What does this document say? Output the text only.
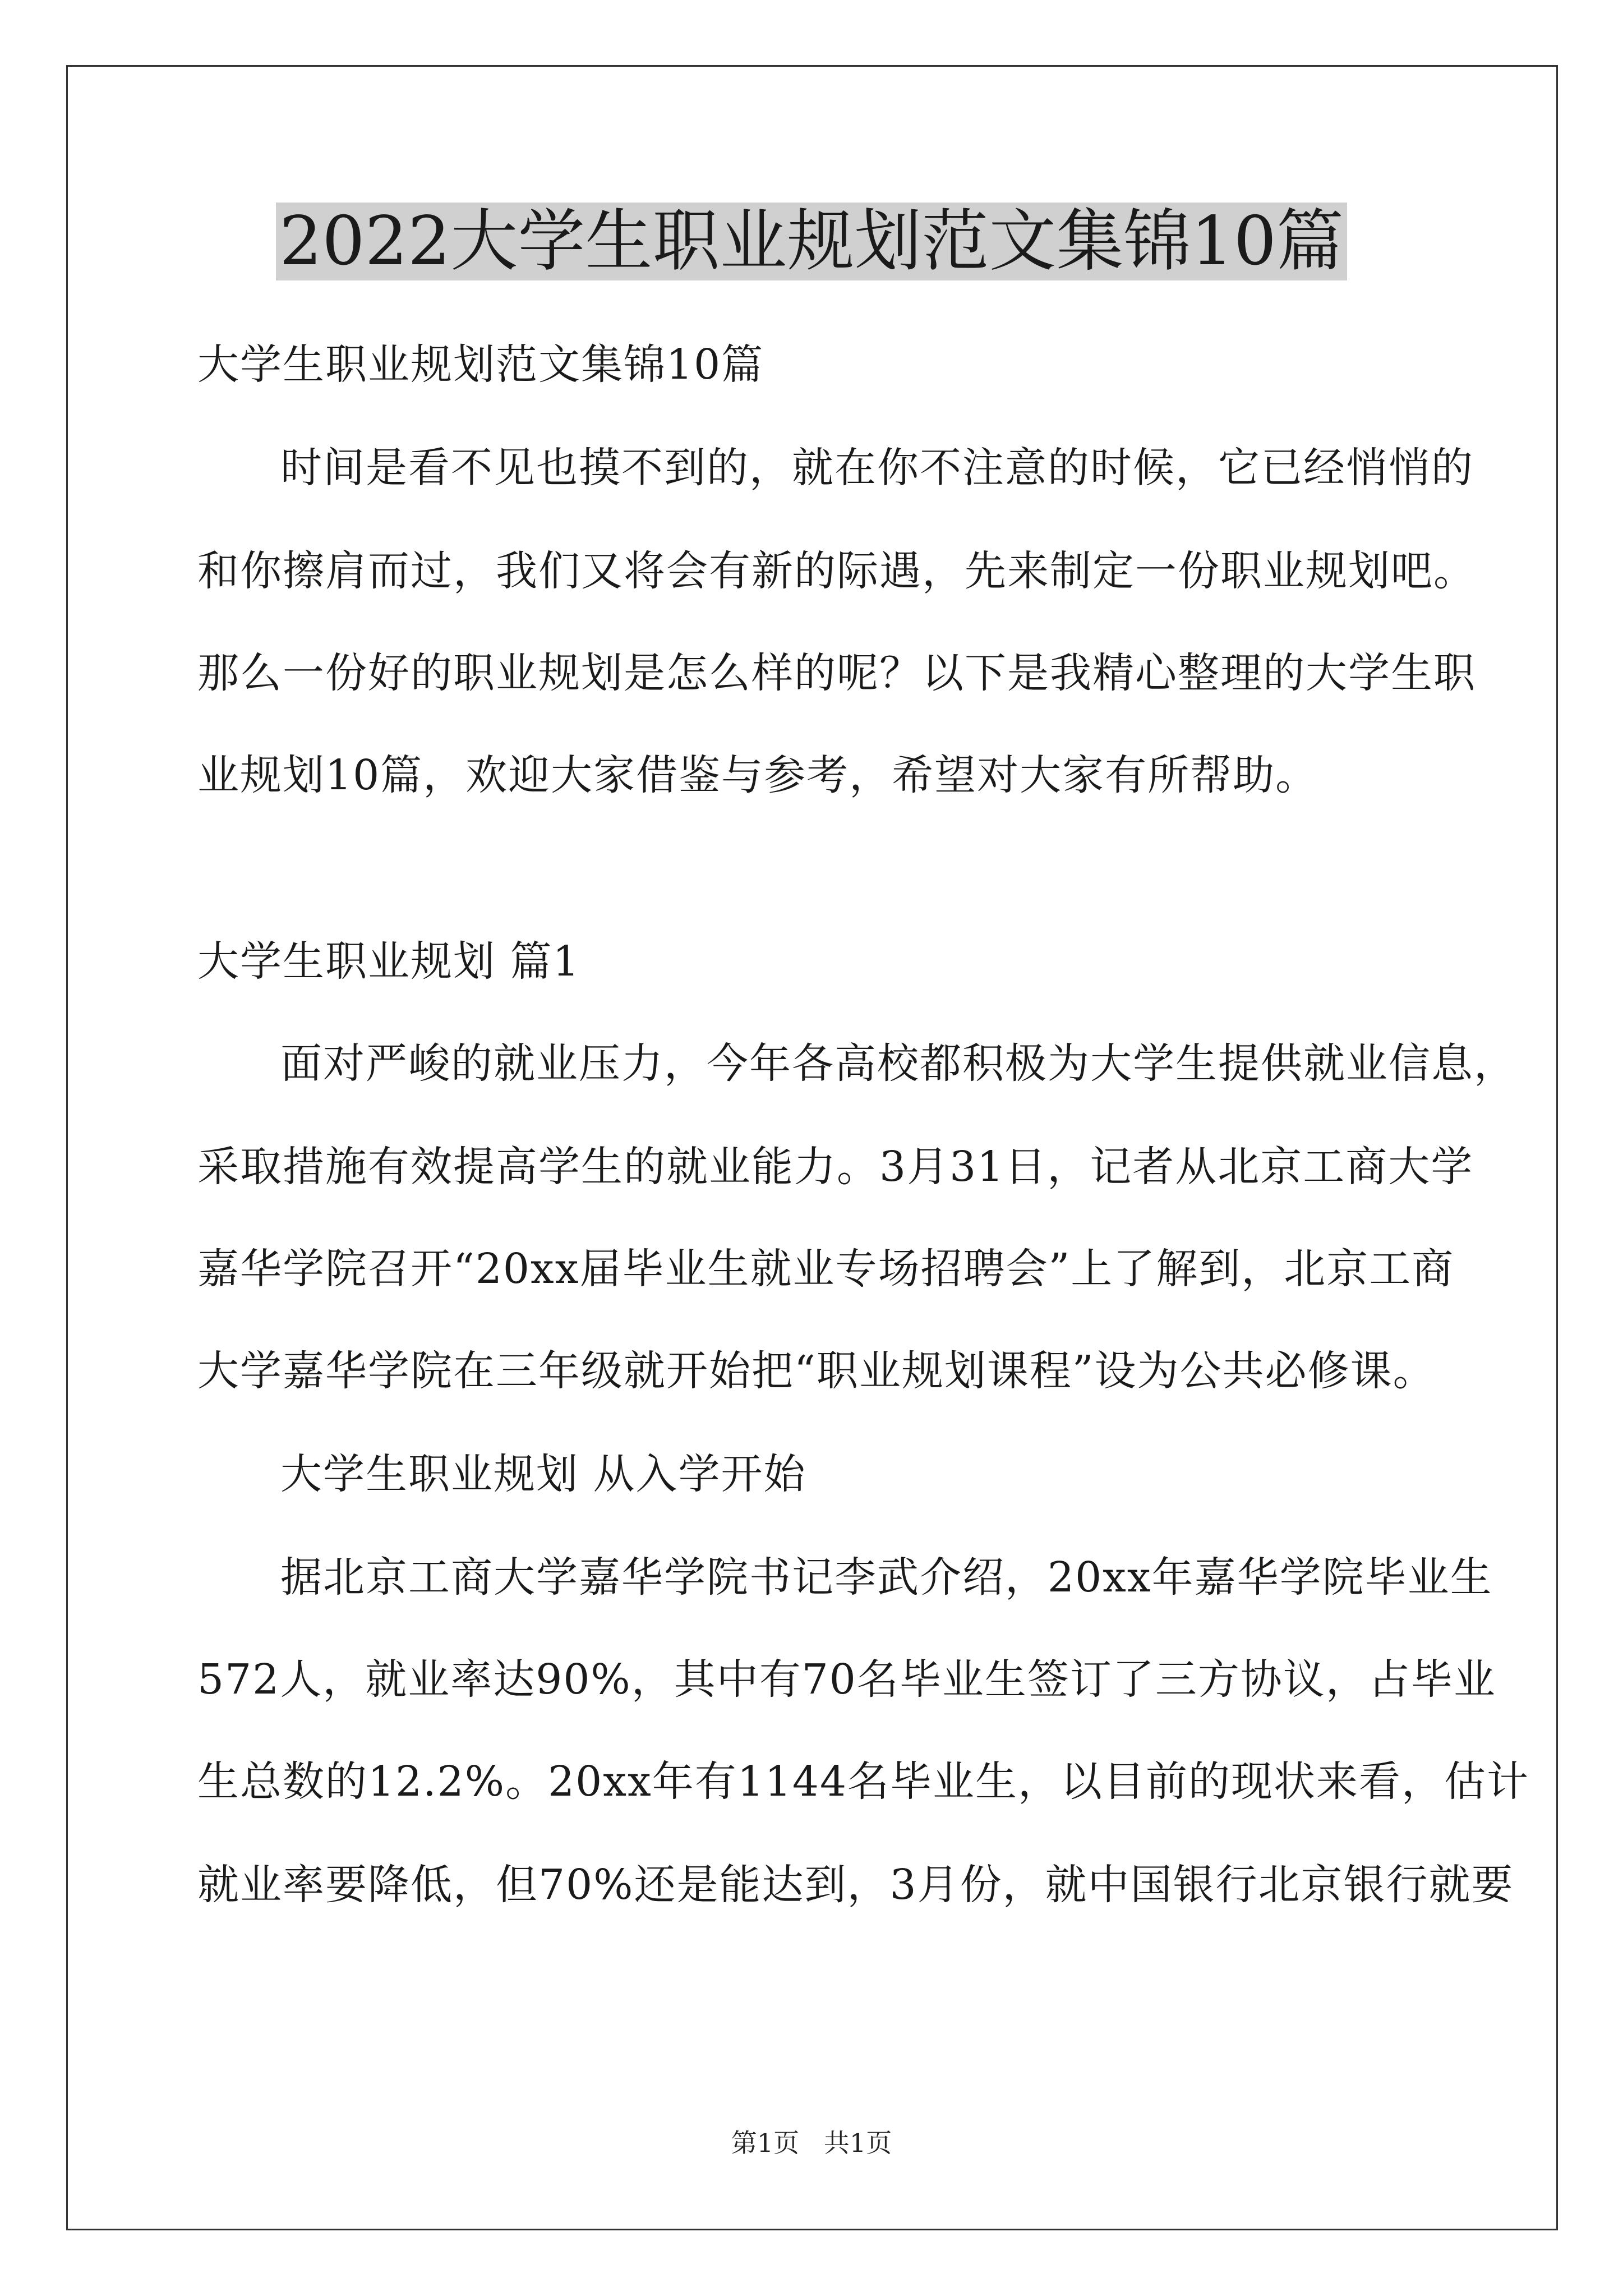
2022大学生职业规划范文集锦10篇
大学生职业规划范文集锦10篇
时间是看不见也摸不到的，就在你不注意的时候，它已经悄悄的
和你擦肩而过，我们又将会有新的际遇，先来制定一份职业规划吧。
那么一份好的职业规划是怎么样的呢？以下是我精心整理的大学生职
业规划10篇，欢迎大家借鉴与参考，希望对大家有所帮助。
大学生职业规划 篇1
面对严峻的就业压力，今年各高校都积极为大学生提供就业信息，
采取措施有效提高学生的就业能力。3月31日，记者从北京工商大学
嘉华学院召开“20xx届毕业生就业专场招聘会”上了解到，北京工商
大学嘉华学院在三年级就开始把“职业规划课程”设为公共必修课。
大学生职业规划 从入学开始
据北京工商大学嘉华学院书记李武介绍，20xx年嘉华学院毕业生
572人，就业率达90%，其中有70名毕业生签订了三方协议，占毕业
生总数的12.2%。20xx年有1144名毕业生，以目前的现状来看，估计
就业率要降低，但70%还是能达到，3月份，就中国银行北京银行就要
第1页   共1页
